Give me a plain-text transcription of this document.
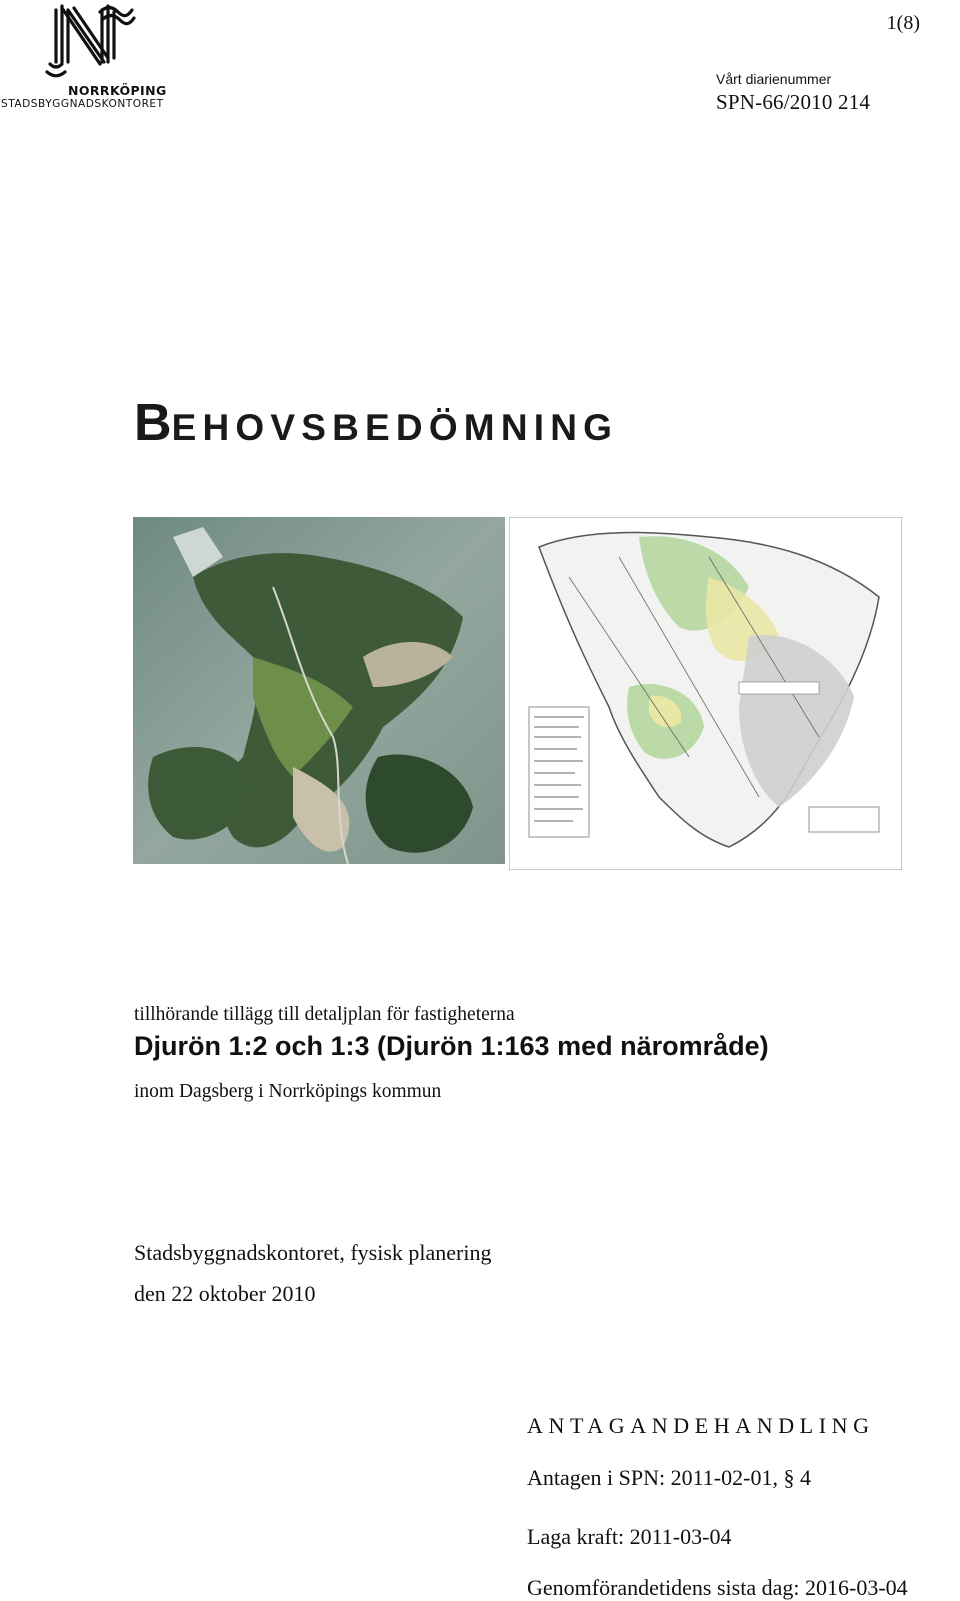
NORRKÖPING
STADSBYGGNADSKONTORET
1(8)
Vårt diarienummer
SPN-66/2010 214
BEHOVSBEDÖMNING
tillhörande tillägg till detaljplan för fastigheterna
Djurön 1:2 och 1:3 (Djurön 1:163 med närområde)
inom Dagsberg i Norrköpings kommun
Stadsbyggnadskontoret, fysisk planering
den 22 oktober 2010
ANTAGANDEHANDLING
Antagen i SPN: 2011-02-01, § 4
Laga kraft: 2011-03-04
Genomförandetidens sista dag: 2016-03-04
